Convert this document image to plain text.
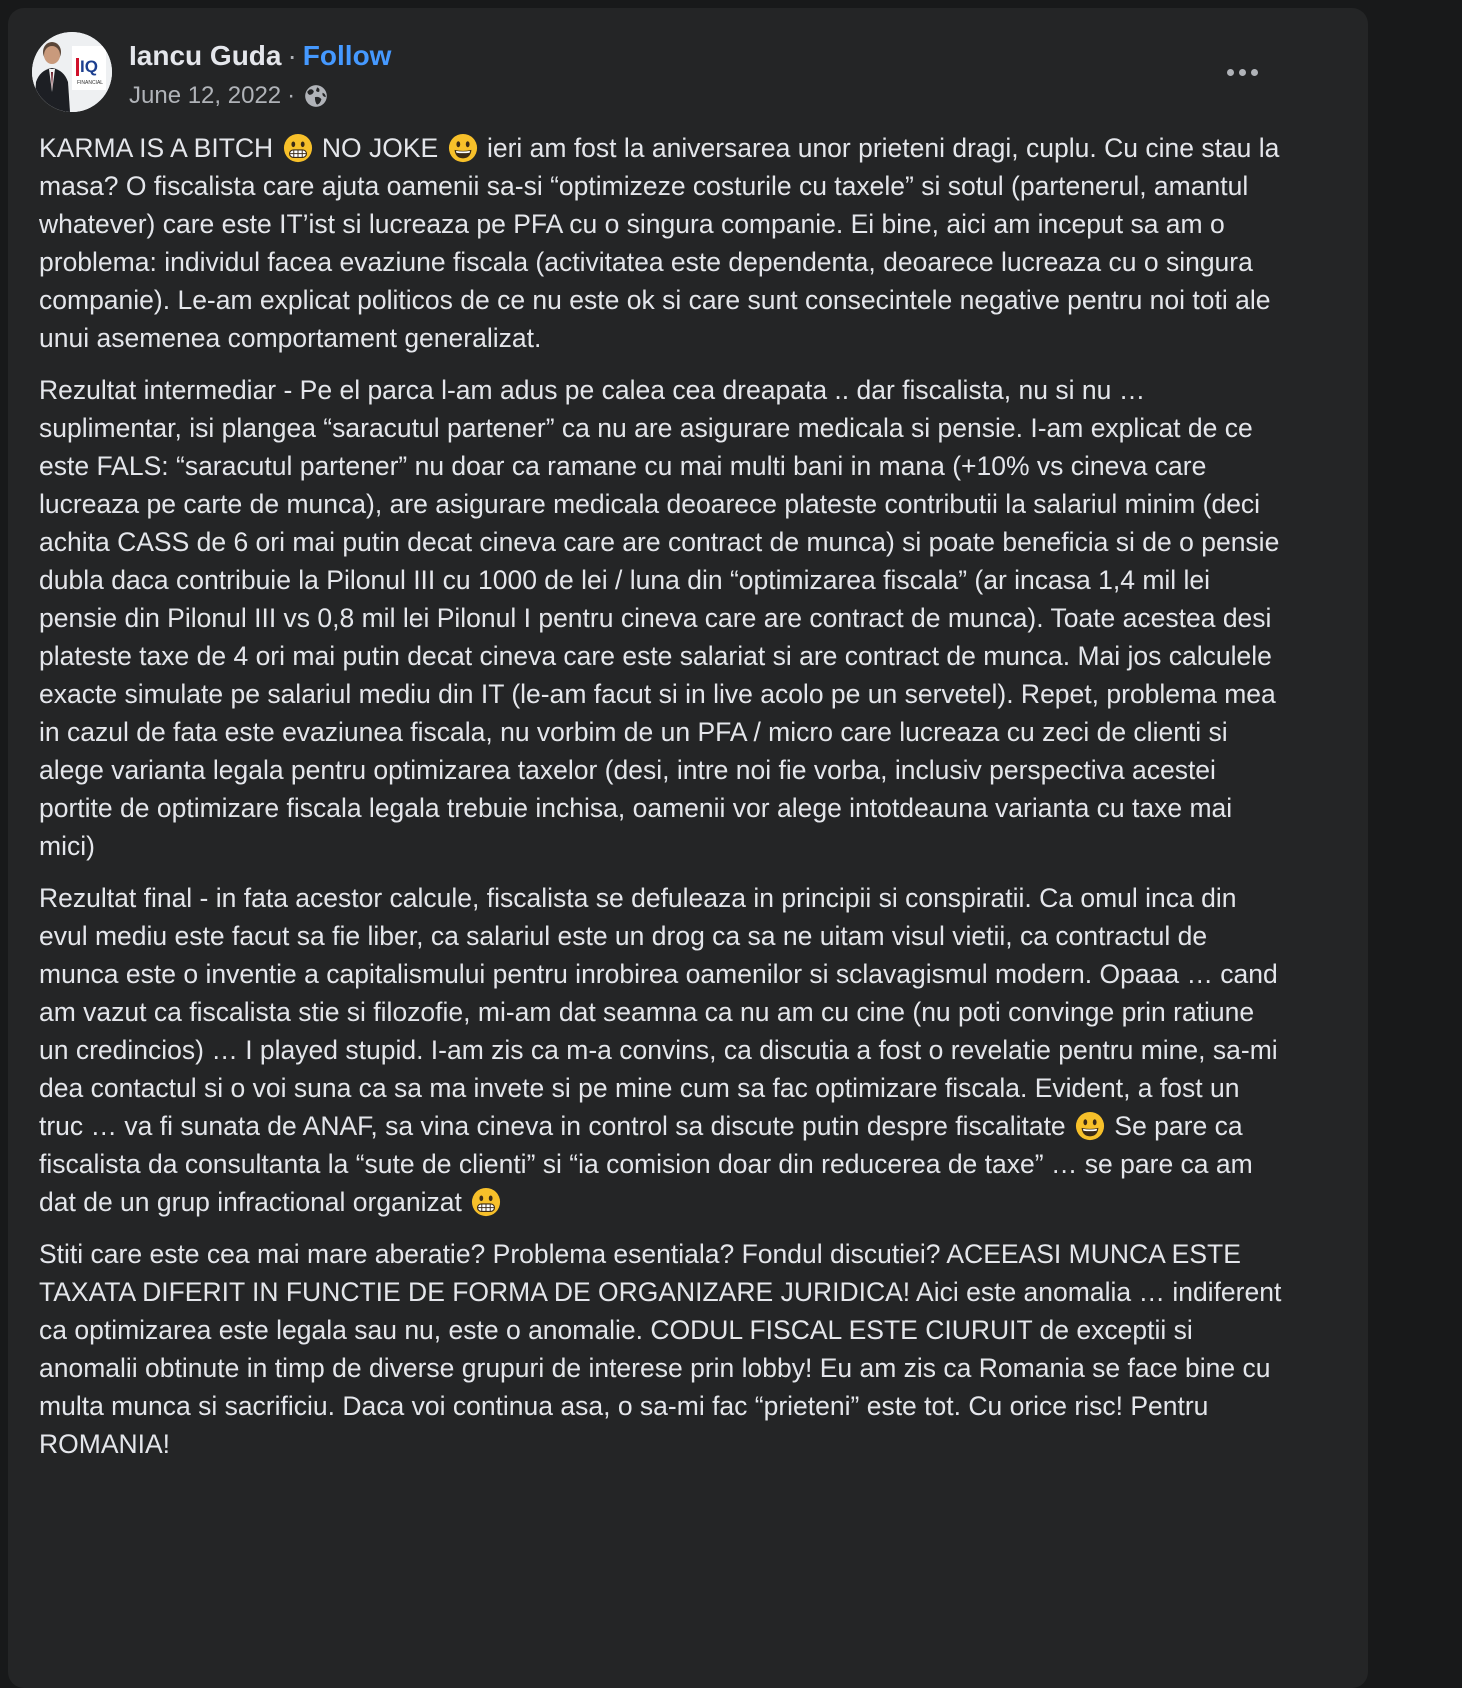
IQ
FINANCIAL
Iancu Guda · Follow
June 12, 2022 ·

KARMA IS A BITCH  NO JOKE  ieri am fost la aniversarea unor prieteni dragi, cuplu. Cu cine stau la masa? O fiscalista care ajuta oamenii sa-si “optimizeze costurile cu taxele” si sotul (partenerul, amantul whatever) care este IT’ist si lucreaza pe PFA cu o singura companie. Ei bine, aici am inceput sa am o problema: individul facea evaziune fiscala (activitatea este dependenta, deoarece lucreaza cu o singura companie). Le-am explicat politicos de ce nu este ok si care sunt consecintele negative pentru noi toti ale unui asemenea comportament generalizat.

Rezultat intermediar - Pe el parca l-am adus pe calea cea dreapata .. dar fiscalista, nu si nu … suplimentar, isi plangea “saracutul partener” ca nu are asigurare medicala si pensie. I-am explicat de ce este FALS: “saracutul partener” nu doar ca ramane cu mai multi bani in mana (+10% vs cineva care lucreaza pe carte de munca), are asigurare medicala deoarece plateste contributii la salariul minim (deci achita CASS de 6 ori mai putin decat cineva care are contract de munca) si poate beneficia si de o pensie dubla daca contribuie la Pilonul III cu 1000 de lei / luna din “optimizarea fiscala” (ar incasa 1,4 mil lei pensie din Pilonul III vs 0,8 mil lei Pilonul I pentru cineva care are contract de munca). Toate acestea desi plateste taxe de 4 ori mai putin decat cineva care este salariat si are contract de munca. Mai jos calculele exacte simulate pe salariul mediu din IT (le-am facut si in live acolo pe un servetel). Repet, problema mea in cazul de fata este evaziunea fiscala, nu vorbim de un PFA / micro care lucreaza cu zeci de clienti si alege varianta legala pentru optimizarea taxelor (desi, intre noi fie vorba, inclusiv perspectiva acestei portite de optimizare fiscala legala trebuie inchisa, oamenii vor alege intotdeauna varianta cu taxe mai mici)

Rezultat final - in fata acestor calcule, fiscalista se defuleaza in principii si conspiratii. Ca omul inca din evul mediu este facut sa fie liber, ca salariul este un drog ca sa ne uitam visul vietii, ca contractul de munca este o inventie a capitalismului pentru inrobirea oamenilor si sclavagismul modern. Opaaa … cand am vazut ca fiscalista stie si filozofie, mi-am dat seamna ca nu am cu cine (nu poti convinge prin ratiune un credincios) … I played stupid. I-am zis ca m-a convins, ca discutia a fost o revelatie pentru mine, sa-mi dea contactul si o voi suna ca sa ma invete si pe mine cum sa fac optimizare fiscala. Evident, a fost un truc … va fi sunata de ANAF, sa vina cineva in control sa discute putin despre fiscalitate  Se pare ca fiscalista da consultanta la “sute de clienti” si “ia comision doar din reducerea de taxe” … se pare ca am dat de un grup infractional organizat

Stiti care este cea mai mare aberatie? Problema esentiala? Fondul discutiei? ACEEASI MUNCA ESTE TAXATA DIFERIT IN FUNCTIE DE FORMA DE ORGANIZARE JURIDICA! Aici este anomalia … indiferent ca optimizarea este legala sau nu, este o anomalie. CODUL FISCAL ESTE CIURUIT de exceptii si anomalii obtinute in timp de diverse grupuri de interese prin lobby! Eu am zis ca Romania se face bine cu multa munca si sacrificiu. Daca voi continua asa, o sa-mi fac “prieteni” este tot. Cu orice risc! Pentru ROMANIA!
